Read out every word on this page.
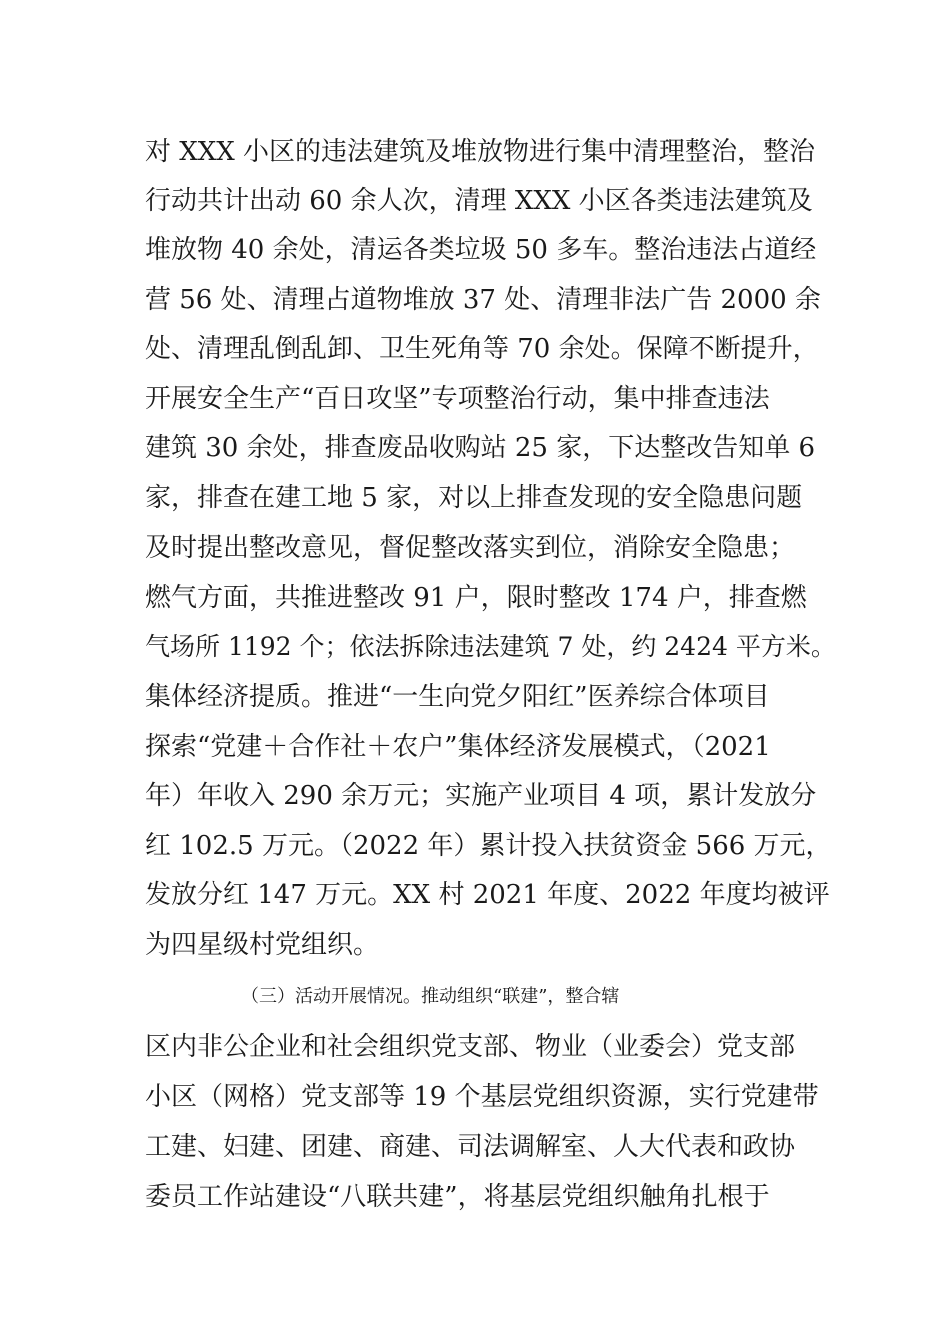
对 XXX 小区的违法建筑及堆放物进行集中清理整治，整治
行动共计出动 60 余人次，清理 XXX 小区各类违法建筑及
堆放物 40 余处，清运各类垃圾 50 多车。整治违法占道经
营 56 处、清理占道物堆放 37 处、清理非法广告 2000 余
处、清理乱倒乱卸、卫生死角等 70 余处。保障不断提升，
开展安全生产“百日攻坚”专项整治行动，集中排查违法
建筑 30 余处，排查废品收购站 25 家，下达整改告知单 6
家，排查在建工地 5 家，对以上排查发现的安全隐患问题
及时提出整改意见，督促整改落实到位，消除安全隐患；
燃气方面，共推进整改 91 户，限时整改 174 户，排查燃
气场所 1192 个；依法拆除违法建筑 7 处，约 2424 平方米。
集体经济提质。推进“一生向党夕阳红”医养综合体项目
探索“党建＋合作社＋农户”集体经济发展模式，（2021
年）年收入 290 余万元；实施产业项目 4 项，累计发放分
红 102.5 万元。（2022 年）累计投入扶贫资金 566 万元，
发放分红 147 万元。XX 村 2021 年度、2022 年度均被评
为四星级村党组织。
（三）活动开展情况。推动组织“联建”，整合辖
区内非公企业和社会组织党支部、物业（业委会）党支部
小区（网格）党支部等 19 个基层党组织资源，实行党建带
工建、妇建、团建、商建、司法调解室、人大代表和政协
委员工作站建设“八联共建”，将基层党组织触角扎根于
